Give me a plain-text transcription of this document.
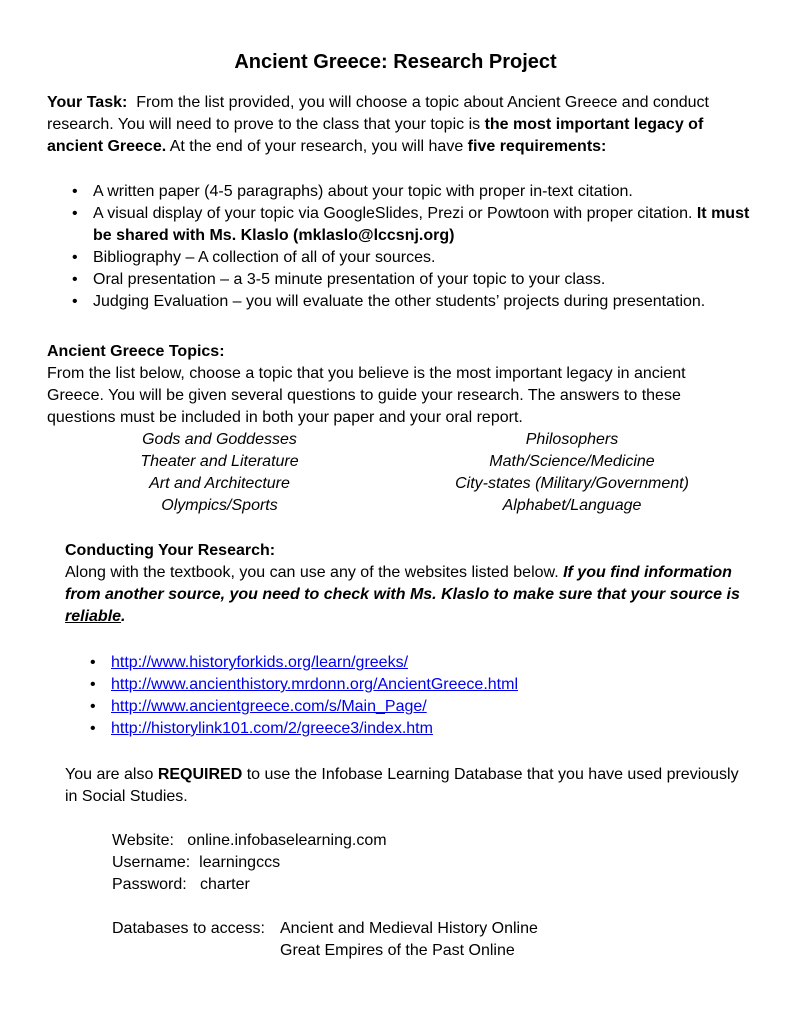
Ancient Greece: Research Project
Your Task: From the list provided, you will choose a topic about Ancient Greece and conduct research. You will need to prove to the class that your topic is the most important legacy of ancient Greece. At the end of your research, you will have five requirements:
• A written paper (4-5 paragraphs) about your topic with proper in-text citation.
• A visual display of your topic via GoogleSlides, Prezi or Powtoon with proper citation. It must be shared with Ms. Klaslo (mklaslo@lccsnj.org)
• Bibliography – A collection of all of your sources.
• Oral presentation – a 3-5 minute presentation of your topic to your class.
• Judging Evaluation – you will evaluate the other students’ projects during presentation.
Ancient Greece Topics:
From the list below, choose a topic that you believe is the most important legacy in ancient Greece. You will be given several questions to guide your research. The answers to these questions must be included in both your paper and your oral report.
Gods and Goddesses	Philosophers
Theater and Literature	Math/Science/Medicine
Art and Architecture	City-states (Military/Government)
Olympics/Sports	Alphabet/Language
Conducting Your Research:
Along with the textbook, you can use any of the websites listed below. If you find information from another source, you need to check with Ms. Klaslo to make sure that your source is reliable.
• http://www.historyforkids.org/learn/greeks/
• http://www.ancienthistory.mrdonn.org/AncientGreece.html
• http://www.ancientgreece.com/s/Main_Page/
• http://historylink101.com/2/greece3/index.htm
You are also REQUIRED to use the Infobase Learning Database that you have used previously in Social Studies.
Website: online.infobaselearning.com
Username: learningccs
Password: charter
Databases to access: Ancient and Medieval History Online
Great Empires of the Past Online
